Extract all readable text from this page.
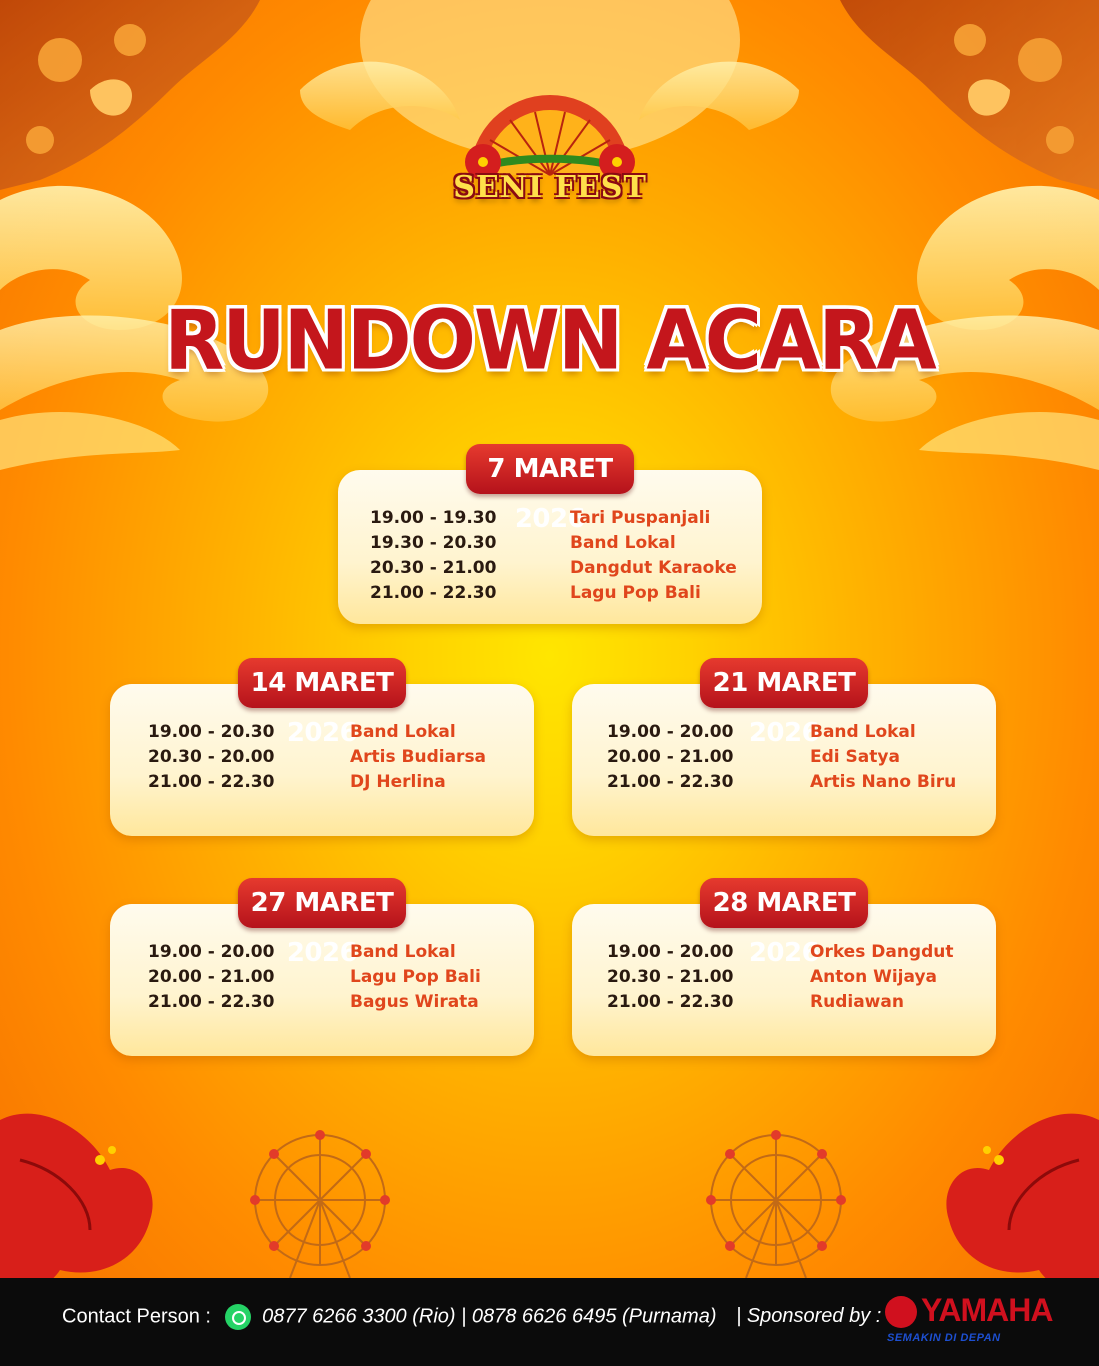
SENI FEST
RUNDOWN ACARA
7 MARET 2026
19.00 - 19.30	Tari Puspanjali
19.30 - 20.30	Band Lokal
20.30 - 21.00	Dangdut Karaoke
21.00 - 22.30	Lagu Pop Bali
14 MARET 2026
19.00 - 20.30	Band Lokal
20.30 - 20.00	Artis Budiarsa
21.00 - 22.30	DJ Herlina
21 MARET 2026
19.00 - 20.00	Band Lokal
20.00 - 21.00	Edi Satya
21.00 - 22.30	Artis Nano Biru
27 MARET 2026
19.00 - 20.00	Band Lokal
20.00 - 21.00	Lagu Pop Bali
21.00 - 22.30	Bagus Wirata
28 MARET 2026
19.00 - 20.00	Orkes Dangdut
20.30 - 21.00	Anton Wijaya
21.00 - 22.30	Rudiawan
Contact Person :	0877 6266 3300 (Rio) | 0878 6626 6495 (Purnama) | Sponsored by : YAMAHA
SEMAKIN DI DEPAN
